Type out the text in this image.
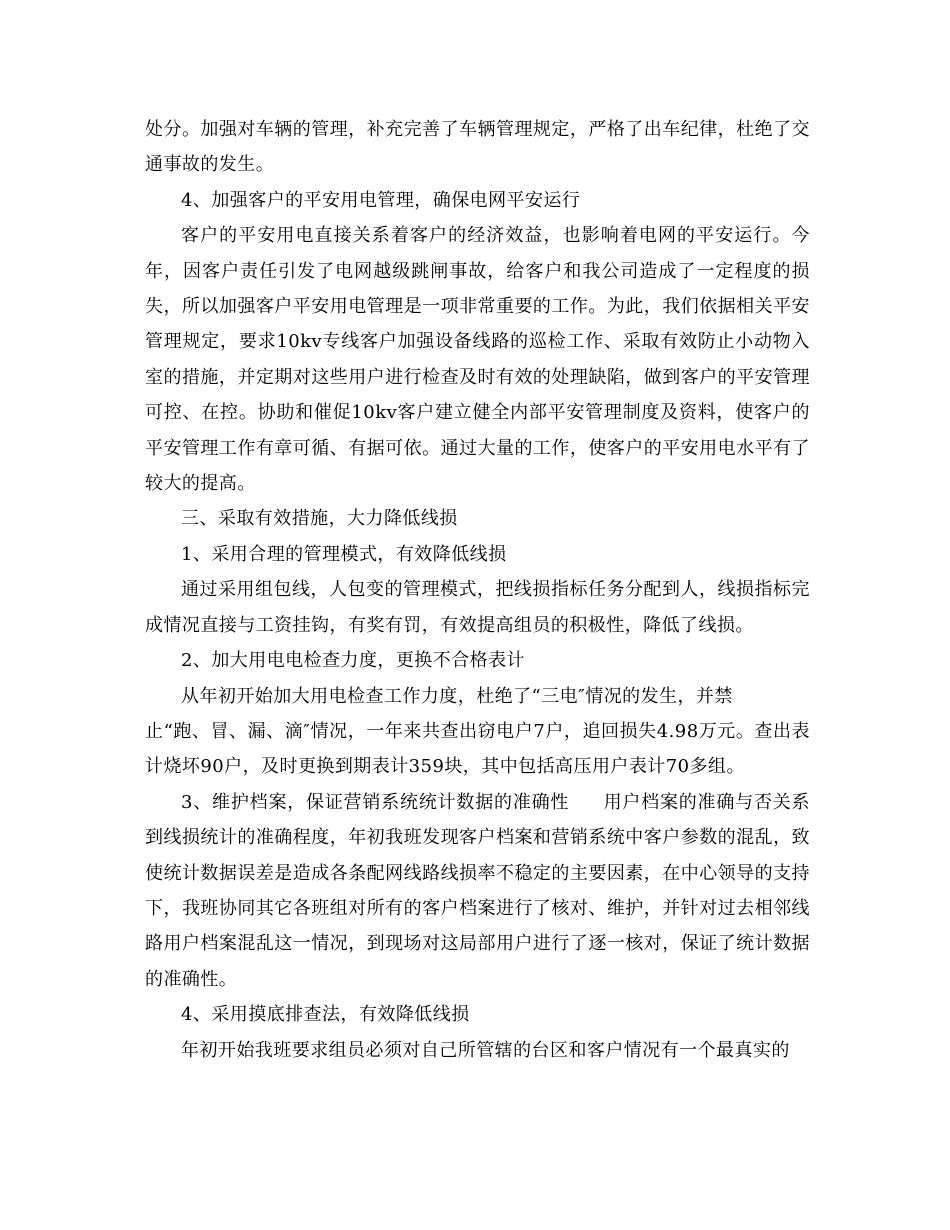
处分。加强对车辆的管理，补充完善了车辆管理规定，严格了出车纪律，杜绝了交通事故的发生。

4、加强客户的平安用电管理，确保电网平安运行

客户的平安用电直接关系着客户的经济效益，也影响着电网的平安运行。今年，因客户责任引发了电网越级跳闸事故，给客户和我公司造成了一定程度的损失，所以加强客户平安用电管理是一项非常重要的工作。为此，我们依据相关平安管理规定，要求10kv专线客户加强设备线路的巡检工作、采取有效防止小动物入室的措施，并定期对这些用户进行检查及时有效的处理缺陷，做到客户的平安管理可控、在控。协助和催促10kv客户建立健全内部平安管理制度及资料，使客户的平安管理工作有章可循、有据可依。通过大量的工作，使客户的平安用电水平有了较大的提高。

三、采取有效措施，大力降低线损

1、采用合理的管理模式，有效降低线损

通过采用组包线，人包变的管理模式，把线损指标任务分配到人，线损指标完成情况直接与工资挂钩，有奖有罚，有效提高组员的积极性，降低了线损。

2、加大用电电检查力度，更换不合格表计

从年初开始加大用电检查工作力度，杜绝了“三电″情况的发生，并禁

止“跑、冒、漏、滴″情况，一年来共查出窃电户7户，追回损失4.98万元。查出表计烧坏90户，及时更换到期表计359块，其中包括高压用户表计70多组。

3、维护档案，保证营销系统统计数据的准确性 用户档案的准确与否关系到线损统计的准确程度，年初我班发现客户档案和营销系统中客户参数的混乱，致使统计数据误差是造成各条配网线路线损率不稳定的主要因素，在中心领导的支持下，我班协同其它各班组对所有的客户档案进行了核对、维护，并针对过去相邻线路用户档案混乱这一情况，到现场对这局部用户进行了逐一核对，保证了统计数据的准确性。

4、采用摸底排查法，有效降低线损

年初开始我班要求组员必须对自己所管辖的台区和客户情况有一个最真实的
